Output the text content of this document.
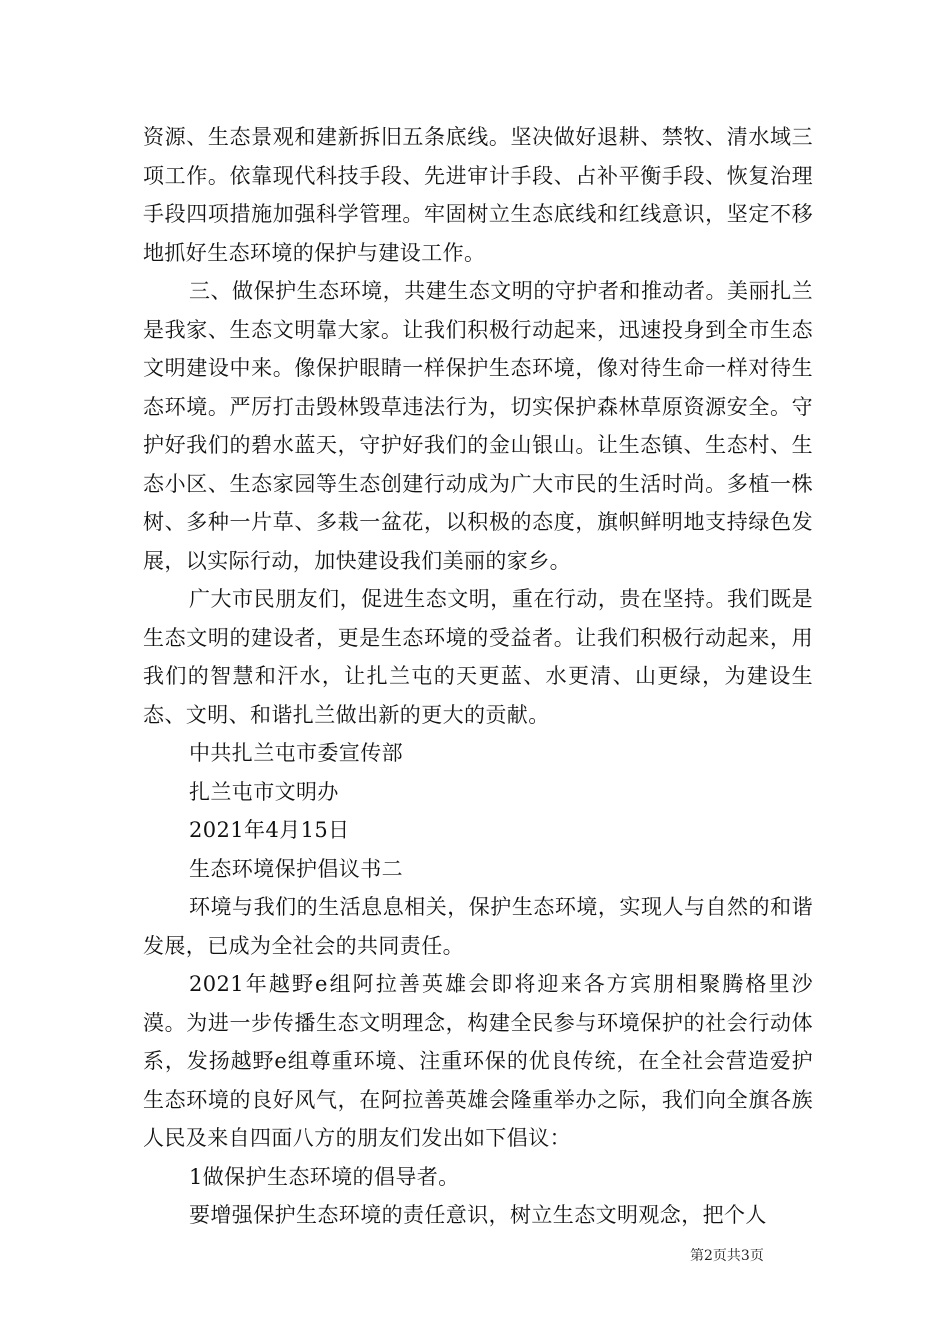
资源、生态景观和建新拆旧五条底线。坚决做好退耕、禁牧、清水域三项工作。依靠现代科技手段、先进审计手段、占补平衡手段、恢复治理手段四项措施加强科学管理。牢固树立生态底线和红线意识，坚定不移地抓好生态环境的保护与建设工作。

三、做保护生态环境，共建生态文明的守护者和推动者。美丽扎兰是我家、生态文明靠大家。让我们积极行动起来，迅速投身到全市生态文明建设中来。像保护眼睛一样保护生态环境，像对待生命一样对待生态环境。严厉打击毁林毁草违法行为，切实保护森林草原资源安全。守护好我们的碧水蓝天，守护好我们的金山银山。让生态镇、生态村、生态小区、生态家园等生态创建行动成为广大市民的生活时尚。多植一株树、多种一片草、多栽一盆花，以积极的态度，旗帜鲜明地支持绿色发展，以实际行动，加快建设我们美丽的家乡。

广大市民朋友们，促进生态文明，重在行动，贵在坚持。我们既是生态文明的建设者，更是生态环境的受益者。让我们积极行动起来，用我们的智慧和汗水，让扎兰屯的天更蓝、水更清、山更绿，为建设生态、文明、和谐扎兰做出新的更大的贡献。

中共扎兰屯市委宣传部

扎兰屯市文明办

2021年4月15日

生态环境保护倡议书二

环境与我们的生活息息相关，保护生态环境，实现人与自然的和谐发展，已成为全社会的共同责任。

2021年越野e组阿拉善英雄会即将迎来各方宾朋相聚腾格里沙漠。为进一步传播生态文明理念，构建全民参与环境保护的社会行动体系，发扬越野e组尊重环境、注重环保的优良传统，在全社会营造爱护生态环境的良好风气，在阿拉善英雄会隆重举办之际，我们向全旗各族人民及来自四面八方的朋友们发出如下倡议：

1做保护生态环境的倡导者。

要增强保护生态环境的责任意识，树立生态文明观念，把个人

第2页共3页
